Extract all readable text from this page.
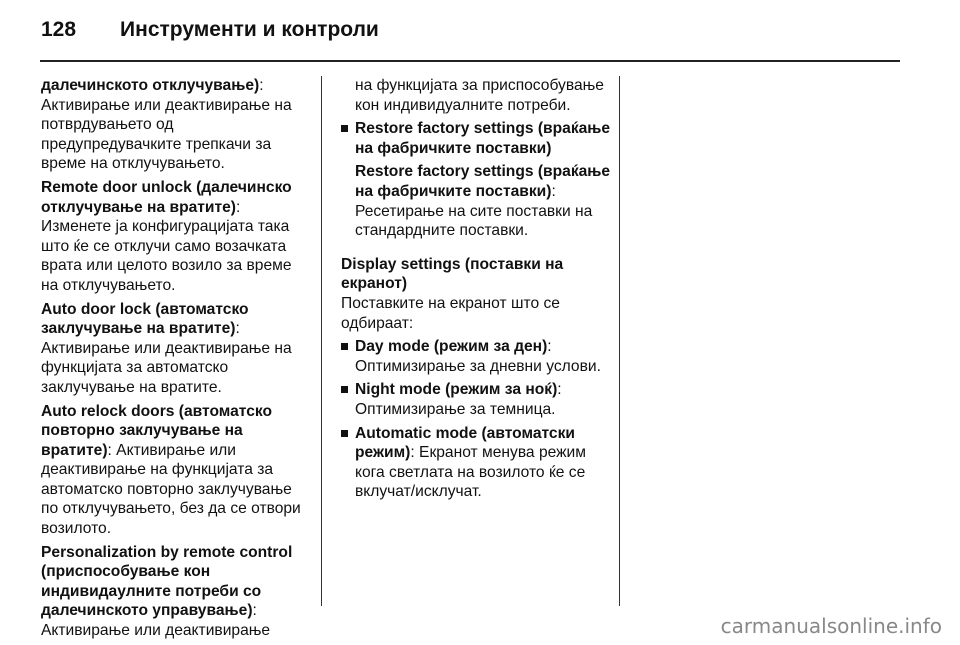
128 Инструменти и контроли

далечинското отклучување): Активирање или деактивирање на потврдувањето од предупредувачките трепкачи за време на отклучувањето.

Remote door unlock (далечинско отклучување на вратите): Изменете ја конфигурацијата така што ќе се отклучи само возачката врата или целото возило за време на отклучувањето.

Auto door lock (автоматско заклучување на вратите): Активирање или деактивирање на функцијата за автоматско заклучување на вратите.

Auto relock doors (автоматско повторно заклучување на вратите): Активирање или деактивирање на функцијата за автоматско повторно заклучување по отклучувањето, без да се отвори возилото.

Personalization by remote control (приспособување кон индивидаулните потреби со далечинското управување): Активирање или деактивирање

на функцијата за приспособување кон индивидуалните потреби.

Restore factory settings (враќање на фабричките поставки)

Restore factory settings (враќање на фабричките поставки): Ресетирање на сите поставки на стандардните поставки.

Display settings (поставки на екранот)

Поставките на екранот што се одбираат:

Day mode (режим за ден): Оптимизирање за дневни услови.
Night mode (режим за ноќ): Оптимизирање за темница.
Automatic mode (автоматски режим): Екранот менува режим кога светлата на возилото ќе се вклучат/исклучат.
carmanualsonline.info
